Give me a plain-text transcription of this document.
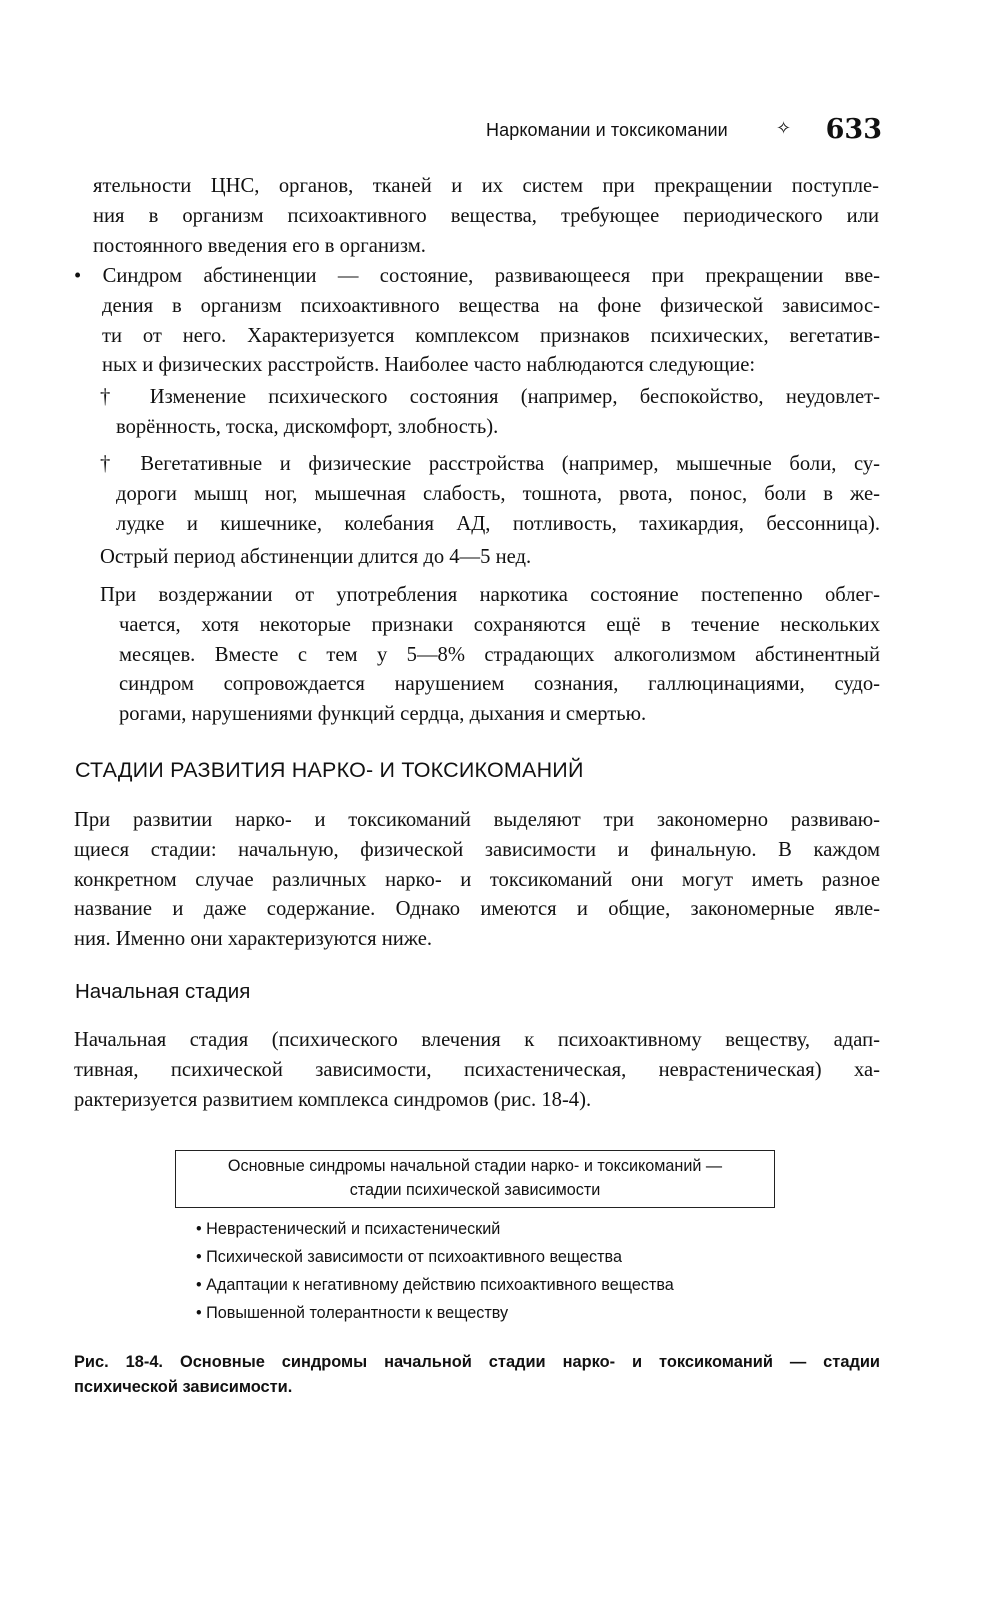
Наркомании и токсикомании	✧ 633
ятельности ЦНС, органов, тканей и их систем при прекращении поступле-
ния в организм психоактивного вещества, требующее периодического или
постоянного введения его в организм.
• Синдром абстиненции — состояние, развивающееся при прекращении вве-
дения в организм психоактивного вещества на фоне физической зависимос-
ти от него. Характеризуется комплексом признаков психических, вегетатив-
ных и физических расстройств. Наиболее часто наблюдаются следующие:
† Изменение психического состояния (например, беспокойство, неудовлет-
ворённость, тоска, дискомфорт, злобность).
† Вегетативные и физические расстройства (например, мышечные боли, су-
дороги мышц ног, мышечная слабость, тошнота, рвота, понос, боли в же-
лудке и кишечнике, колебания АД, потливость, тахикардия, бессонница).
Острый период абстиненции длится до 4—5 нед.
При воздержании от употребления наркотика состояние постепенно облег-
чается, хотя некоторые признаки сохраняются ещё в течение нескольких
месяцев. Вместе с тем у 5—8% страдающих алкоголизмом абстинентный
синдром сопровождается нарушением сознания, галлюцинациями, судо-
рогами, нарушениями функций сердца, дыхания и смертью.
СТАДИИ РАЗВИТИЯ НАРКО- И ТОКСИКОМАНИЙ
При развитии нарко- и токсикоманий выделяют три закономерно развиваю-
щиеся стадии: начальную, физической зависимости и финальную. В каждом
конкретном случае различных нарко- и токсикоманий они могут иметь разное
название и даже содержание. Однако имеются и общие, закономерные явле-
ния. Именно они характеризуются ниже.
Начальная стадия
Начальная стадия (психического влечения к психоактивному веществу, адап-
тивная, психической зависимости, психастеническая, неврастеническая) ха-
рактеризуется развитием комплекса синдромов (рис. 18-4).
Основные синдромы начальной стадии нарко- и токсикоманий —
стадии психической зависимости
• Неврастенический и психастенический
• Психической зависимости от психоактивного вещества
• Адаптации к негативному действию психоактивного вещества
• Повышенной толерантности к веществу
Рис. 18-4. Основные синдромы начальной стадии нарко- и токсикоманий — стадии
психической зависимости.
